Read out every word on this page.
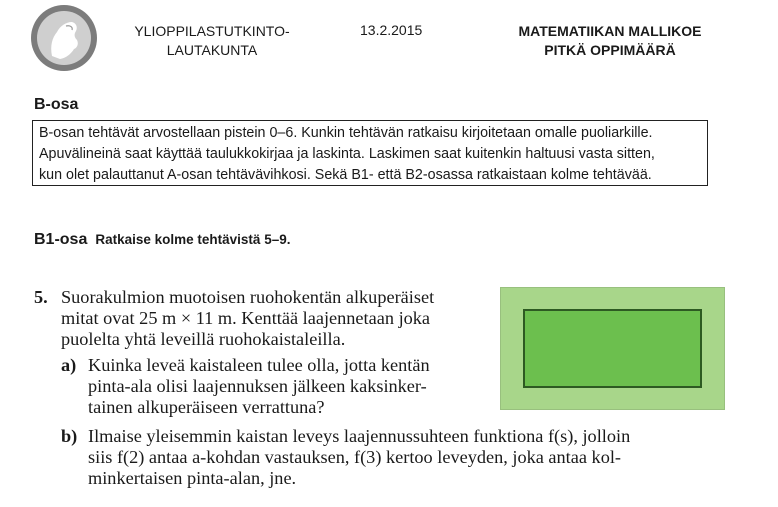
YLIOPPILASTUTKINTO-
LAUTAKUNTA
13.2.2015	MATEMATIIKAN MALLIKOE
PITKÄ OPPIMÄÄRÄ
B-osa
B-osan tehtävät arvostellaan pistein 0–6. Kunkin tehtävän ratkaisu kirjoitetaan omalle puoliarkille.
Apuvälineinä saat käyttää taulukkokirjaa ja laskinta. Laskimen saat kuitenkin haltuusi vasta sitten,
kun olet palauttanut A-osan tehtävävihkosi. Sekä B1- että B2-osassa ratkaistaan kolme tehtävää.
B1-osa Ratkaise kolme tehtävistä 5–9.
5. Suorakulmion muotoisen ruohokentän alkuperäiset
mitat ovat 25 m × 11 m. Kenttää laajennetaan joka
puolelta yhtä leveillä ruohokaistaleilla.
a) Kuinka leveä kaistaleen tulee olla, jotta kentän
pinta-ala olisi laajennuksen jälkeen kaksinker-
tainen alkuperäiseen verrattuna?
b) Ilmaise yleisemmin kaistan leveys laajennussuhteen funktiona f(s), jolloin
siis f(2) antaa a-kohdan vastauksen, f(3) kertoo leveyden, joka antaa kol-
minkertaisen pinta-alan, jne.
